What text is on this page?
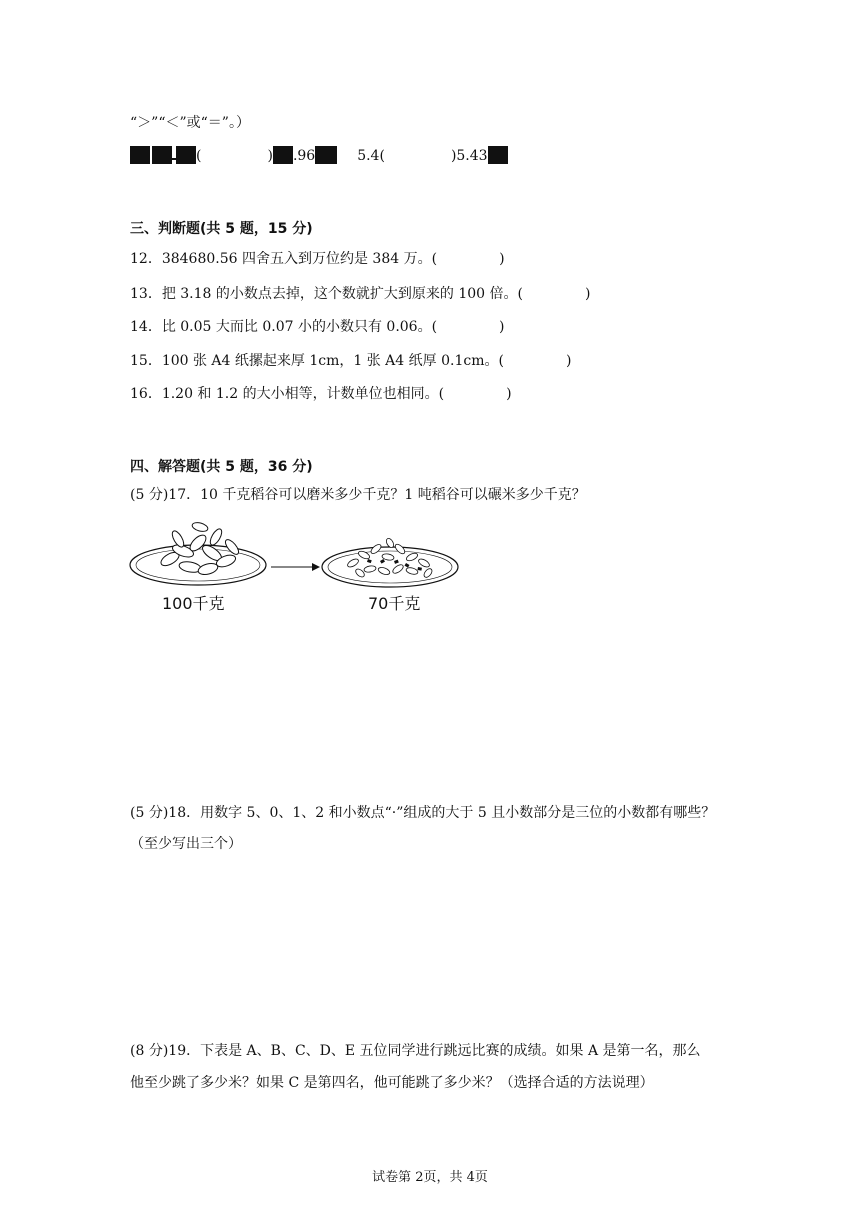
“＞”“＜”或“＝”。）
(	) .96	5.4(	)5.43
三、判断题(共 5 题，15 分)
12．384680.56 四舍五入到万位约是 384 万。(	)
13．把 3.18 的小数点去掉，这个数就扩大到原来的 100 倍。(	)
14．比 0.05 大而比 0.07 小的小数只有 0.06。(	)
15．100 张 A4 纸摞起来厚 1cm，1 张 A4 纸厚 0.1cm。(	)
16．1.20 和 1.2 的大小相等，计数单位也相同。(	)
四、解答题(共 5 题，36 分)
(5 分)17．10 千克稻谷可以磨米多少千克？1 吨稻谷可以碾米多少千克？
100千克	70千克
(5 分)18．用数字 5、0、1、2 和小数点“·”组成的大于 5 且小数部分是三位的小数都有哪些？
（至少写出三个）
(8 分)19．下表是 A、B、C、D、E 五位同学进行跳远比赛的成绩。如果 A 是第一名，那么
他至少跳了多少米？如果 C 是第四名，他可能跳了多少米？（选择合适的方法说理）
试卷第 2页，共 4页
